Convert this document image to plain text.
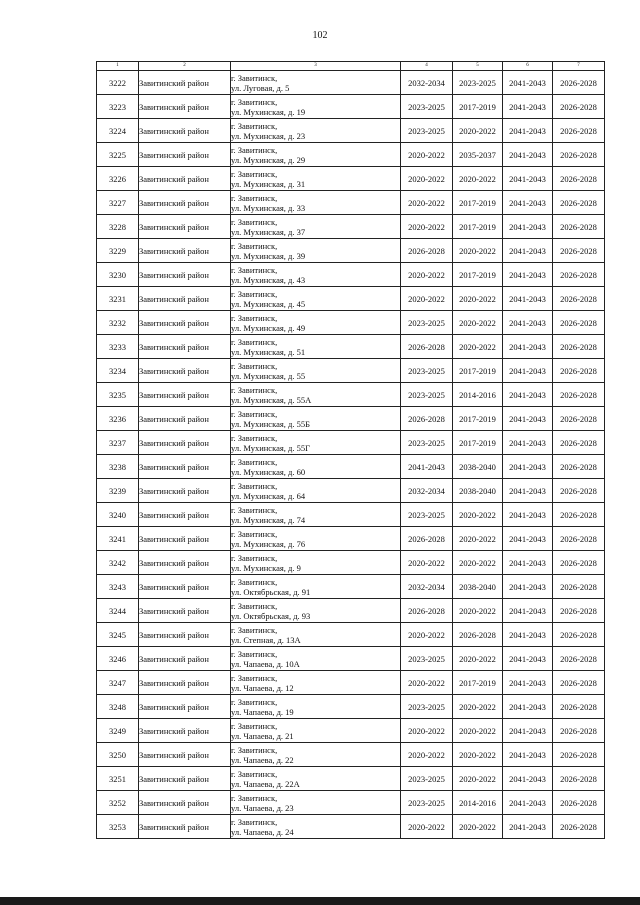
102
1	2	3	4	5	6	7
3222	Завитинский район	г. Завитинск,
ул. Луговая, д. 5	2032-2034	2023-2025	2041-2043	2026-2028
3223	Завитинский район	г. Завитинск,
ул. Мухинская, д. 19	2023-2025	2017-2019	2041-2043	2026-2028
3224	Завитинский район	г. Завитинск,
ул. Мухинская, д. 23	2023-2025	2020-2022	2041-2043	2026-2028
3225	Завитинский район	г. Завитинск,
ул. Мухинская, д. 29	2020-2022	2035-2037	2041-2043	2026-2028
3226	Завитинский район	г. Завитинск,
ул. Мухинская, д. 31	2020-2022	2020-2022	2041-2043	2026-2028
3227	Завитинский район	г. Завитинск,
ул. Мухинская, д. 33	2020-2022	2017-2019	2041-2043	2026-2028
3228	Завитинский район	г. Завитинск,
ул. Мухинская, д. 37	2020-2022	2017-2019	2041-2043	2026-2028
3229	Завитинский район	г. Завитинск,
ул. Мухинская, д. 39	2026-2028	2020-2022	2041-2043	2026-2028
3230	Завитинский район	г. Завитинск,
ул. Мухинская, д. 43	2020-2022	2017-2019	2041-2043	2026-2028
3231	Завитинский район	г. Завитинск,
ул. Мухинская, д. 45	2020-2022	2020-2022	2041-2043	2026-2028
3232	Завитинский район	г. Завитинск,
ул. Мухинская, д. 49	2023-2025	2020-2022	2041-2043	2026-2028
3233	Завитинский район	г. Завитинск,
ул. Мухинская, д. 51	2026-2028	2020-2022	2041-2043	2026-2028
3234	Завитинский район	г. Завитинск,
ул. Мухинская, д. 55	2023-2025	2017-2019	2041-2043	2026-2028
3235	Завитинский район	г. Завитинск,
ул. Мухинская, д. 55А	2023-2025	2014-2016	2041-2043	2026-2028
3236	Завитинский район	г. Завитинск,
ул. Мухинская, д. 55Б	2026-2028	2017-2019	2041-2043	2026-2028
3237	Завитинский район	г. Завитинск,
ул. Мухинская, д. 55Г	2023-2025	2017-2019	2041-2043	2026-2028
3238	Завитинский район	г. Завитинск,
ул. Мухинская, д. 60	2041-2043	2038-2040	2041-2043	2026-2028
3239	Завитинский район	г. Завитинск,
ул. Мухинская, д. 64	2032-2034	2038-2040	2041-2043	2026-2028
3240	Завитинский район	г. Завитинск,
ул. Мухинская, д. 74	2023-2025	2020-2022	2041-2043	2026-2028
3241	Завитинский район	г. Завитинск,
ул. Мухинская, д. 76	2026-2028	2020-2022	2041-2043	2026-2028
3242	Завитинский район	г. Завитинск,
ул. Мухинская, д. 9	2020-2022	2020-2022	2041-2043	2026-2028
3243	Завитинский район	г. Завитинск,
ул. Октябрьская, д. 91	2032-2034	2038-2040	2041-2043	2026-2028
3244	Завитинский район	г. Завитинск,
ул. Октябрьская, д. 93	2026-2028	2020-2022	2041-2043	2026-2028
3245	Завитинский район	г. Завитинск,
ул. Степная, д. 13А	2020-2022	2026-2028	2041-2043	2026-2028
3246	Завитинский район	г. Завитинск,
ул. Чапаева, д. 10А	2023-2025	2020-2022	2041-2043	2026-2028
3247	Завитинский район	г. Завитинск,
ул. Чапаева, д. 12	2020-2022	2017-2019	2041-2043	2026-2028
3248	Завитинский район	г. Завитинск,
ул. Чапаева, д. 19	2023-2025	2020-2022	2041-2043	2026-2028
3249	Завитинский район	г. Завитинск,
ул. Чапаева, д. 21	2020-2022	2020-2022	2041-2043	2026-2028
3250	Завитинский район	г. Завитинск,
ул. Чапаева, д. 22	2020-2022	2020-2022	2041-2043	2026-2028
3251	Завитинский район	г. Завитинск,
ул. Чапаева, д. 22А	2023-2025	2020-2022	2041-2043	2026-2028
3252	Завитинский район	г. Завитинск,
ул. Чапаева, д. 23	2023-2025	2014-2016	2041-2043	2026-2028
3253	Завитинский район	г. Завитинск,
ул. Чапаева, д. 24	2020-2022	2020-2022	2041-2043	2026-2028
